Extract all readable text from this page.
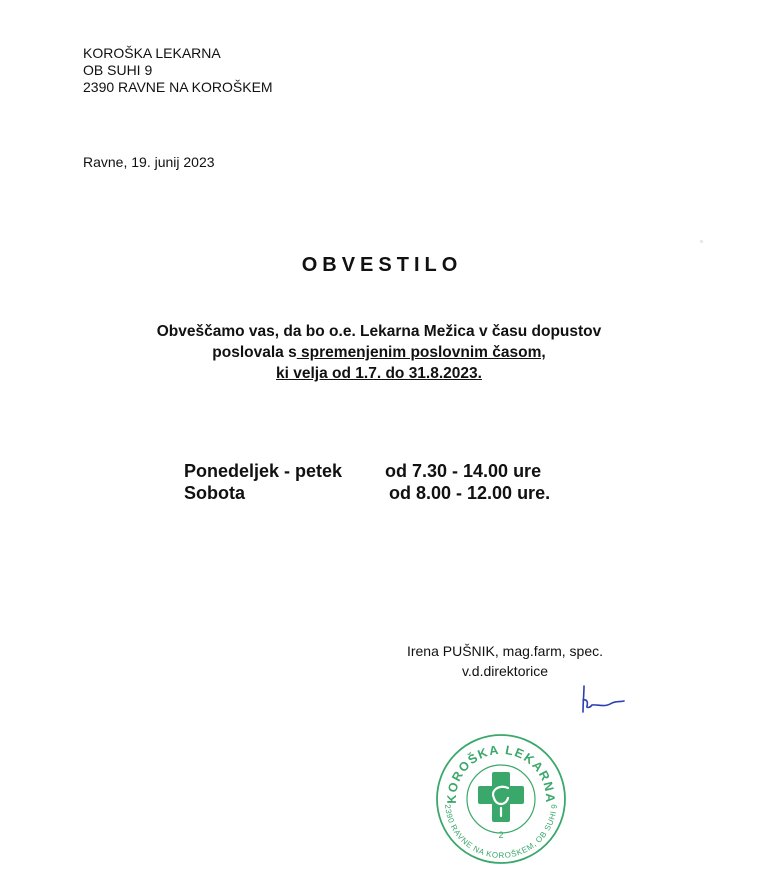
KOROŠKA LEKARNA
OB SUHI 9
2390 RAVNE NA KOROŠKEM
Ravne, 19. junij 2023
OBVESTILO
Obveščamo vas, da bo o.e. Lekarna Mežica v času dopustov
poslovala s spremenjenim poslovnim časom,
ki velja od 1.7. do 31.8.2023.
Ponedeljek - petek od 7.30 - 14.00 ure
Sobota	od 8.00 - 12.00 ure.
Irena PUŠNIK, mag.farm, spec.
v.d.direktorice
KOROŠKA LEKARNA
2390 RAVNE NA KOROŠKEM, OB SUHI 9
2
